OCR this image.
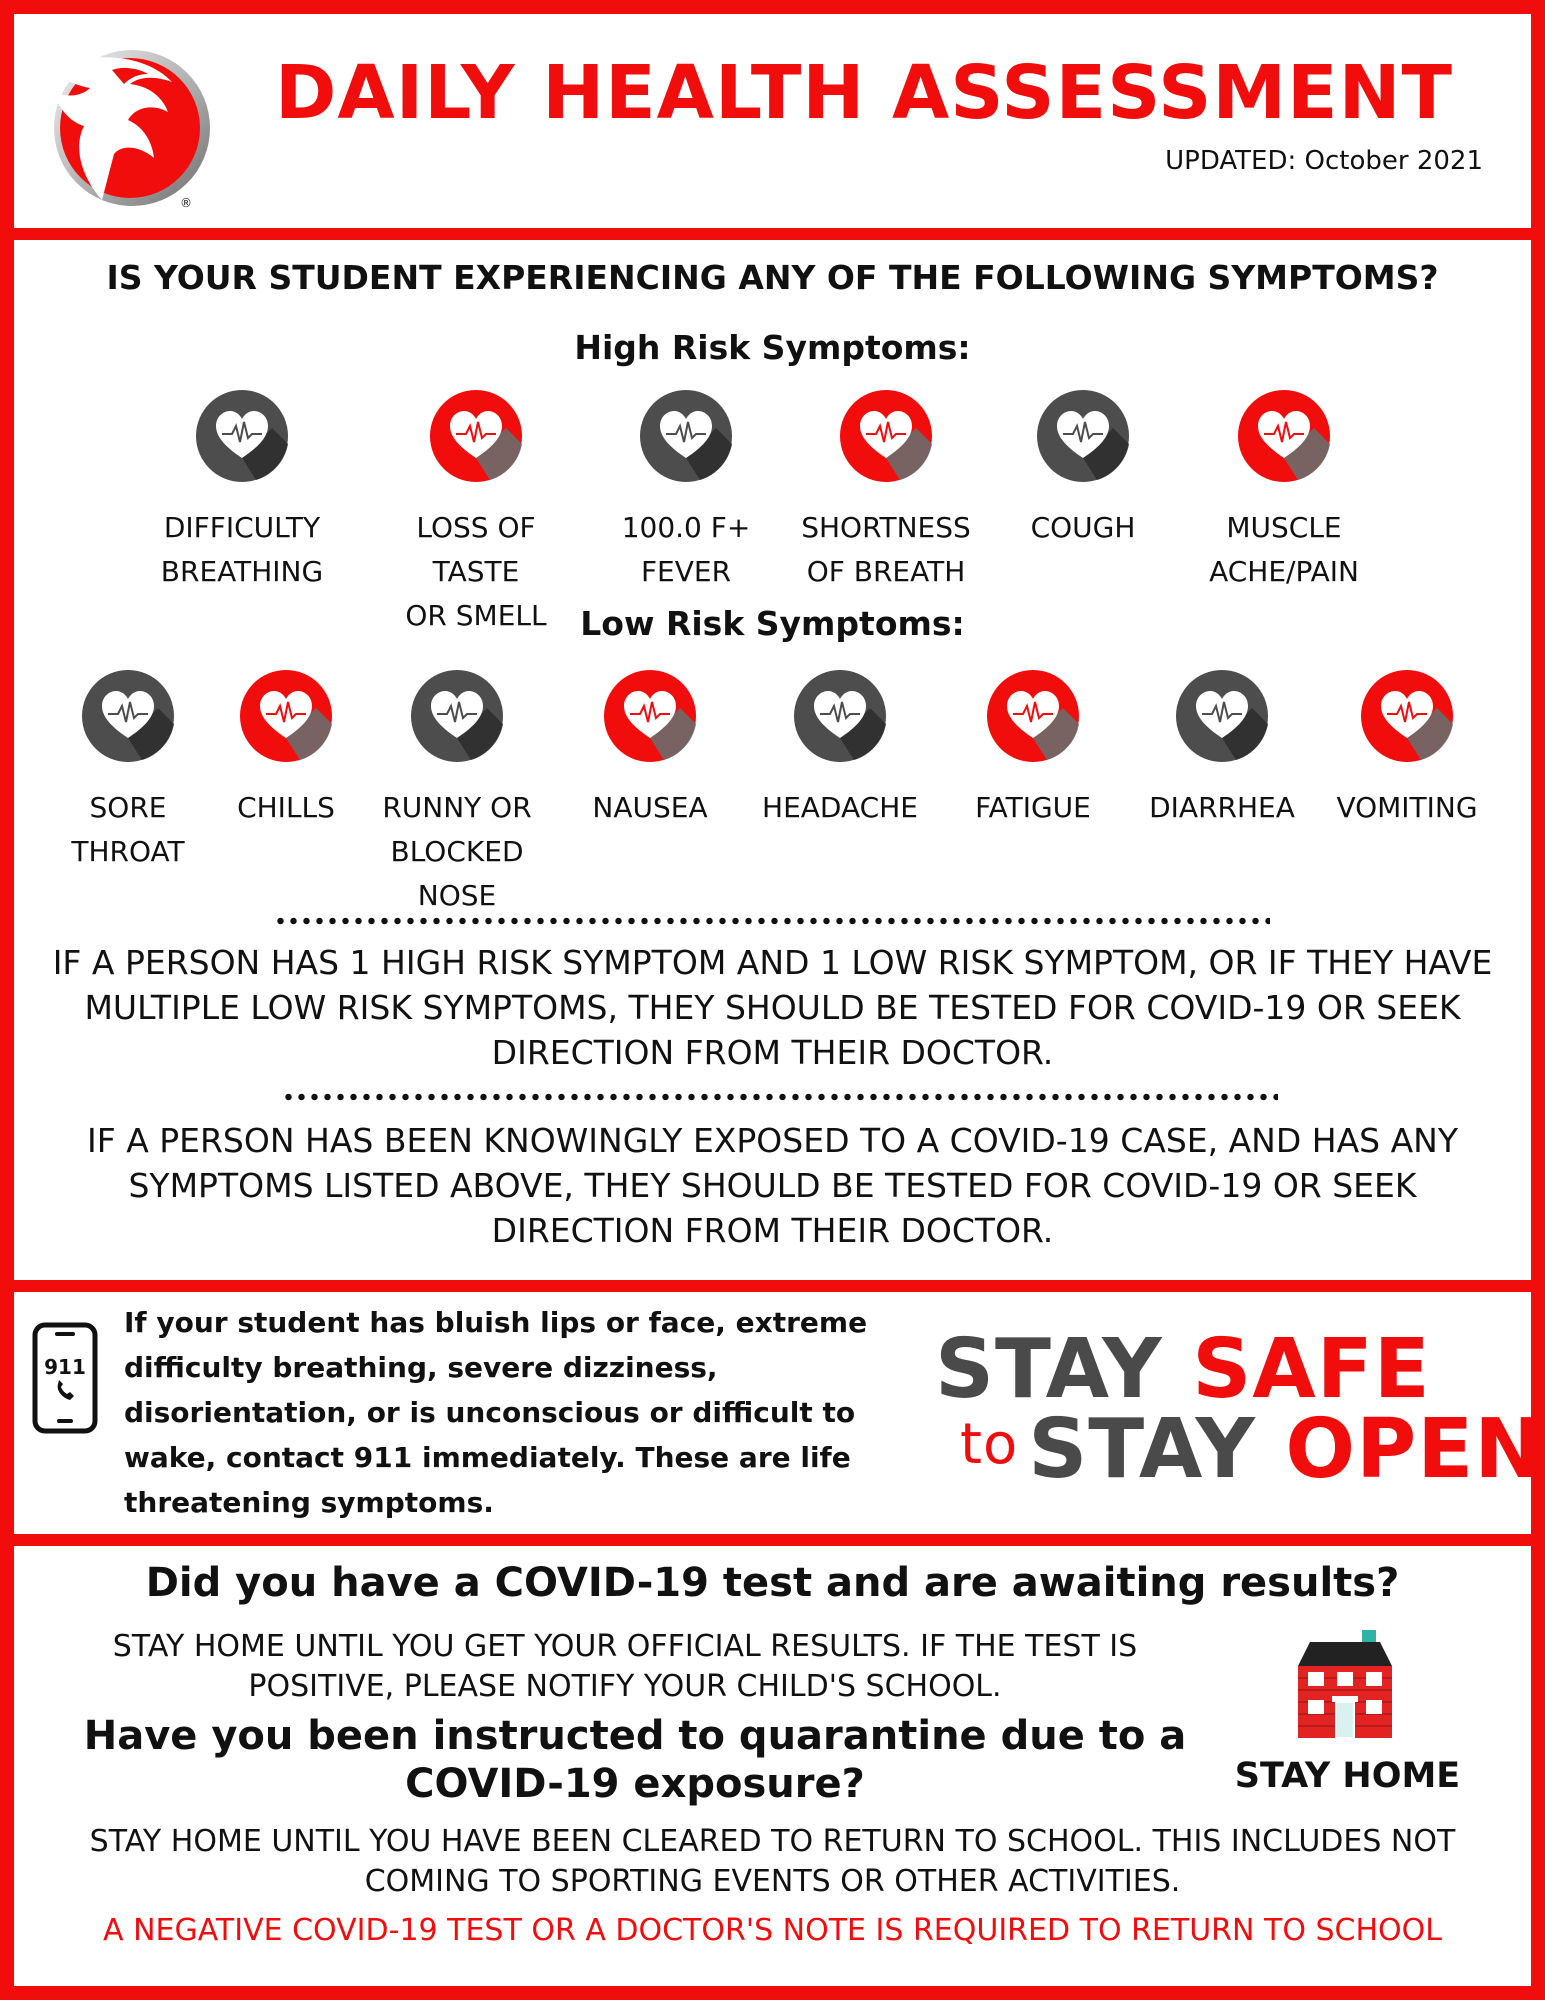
®
DAILY HEALTH ASSESSMENT
UPDATED: October 2021
IS YOUR STUDENT EXPERIENCING ANY OF THE FOLLOWING SYMPTOMS?
High Risk Symptoms:
DIFFICULTY
BREATHING
LOSS OF TASTE
OR SMELL
100.0 F+
FEVER
SHORTNESS
OF BREATH
COUGH	MUSCLE
ACHE/PAIN
Low Risk Symptoms:
SORE
THROAT
CHILLS	RUNNY OR
BLOCKED
NOSE
NAUSEA	HEADACHE	FATIGUE	DIARRHEA	VOMITING
IF A PERSON HAS 1 HIGH RISK SYMPTOM AND 1 LOW RISK SYMPTOM, OR IF THEY HAVE MULTIPLE LOW RISK SYMPTOMS, THEY SHOULD BE TESTED FOR COVID-19 OR SEEK DIRECTION FROM THEIR DOCTOR.
IF A PERSON HAS BEEN KNOWINGLY EXPOSED TO A COVID-19 CASE, AND HAS ANY SYMPTOMS LISTED ABOVE, THEY SHOULD BE TESTED FOR COVID-19 OR SEEK DIRECTION FROM THEIR DOCTOR.
911
If your student has bluish lips or face, extreme difficulty breathing, severe dizziness, disorientation, or is unconscious or difficult to wake, contact 911 immediately. These are life threatening symptoms.
STAY SAFE
to STAY OPEN
Did you have a COVID-19 test and are awaiting results?
STAY HOME UNTIL YOU GET YOUR OFFICIAL RESULTS. IF THE TEST IS POSITIVE, PLEASE NOTIFY YOUR CHILD'S SCHOOL.
Have you been instructed to quarantine due to a COVID-19 exposure?	STAY HOME
STAY HOME UNTIL YOU HAVE BEEN CLEARED TO RETURN TO SCHOOL. THIS INCLUDES NOT COMING TO SPORTING EVENTS OR OTHER ACTIVITIES.
A NEGATIVE COVID-19 TEST OR A DOCTOR'S NOTE IS REQUIRED TO RETURN TO SCHOOL
